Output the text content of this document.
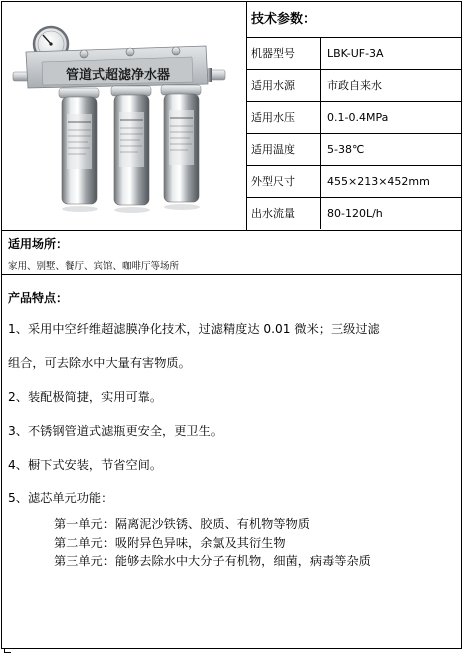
管道式超滤净水器
技术参数：
机器型号	LBK-UF-3A
适用水源	市政自来水
适用水压	0.1-0.4MPa
适用温度	5-38℃
外型尺寸	455×213×452mm
出水流量	80-120L/h
适用场所：
家用、别墅、餐厅、宾馆、咖啡厅等场所
产品特点：
1、采用中空纤维超滤膜净化技术，过滤精度达 0.01 微米；三级过滤
组合，可去除水中大量有害物质。
2、装配极简捷，实用可靠。
3、不锈钢管道式滤瓶更安全，更卫生。
4、橱下式安装，节省空间。
5、滤芯单元功能：
第一单元：隔离泥沙铁锈、胶质、有机物等物质
第二单元：吸附异色异味，余氯及其衍生物
第三单元：能够去除水中大分子有机物，细菌，病毒等杂质
